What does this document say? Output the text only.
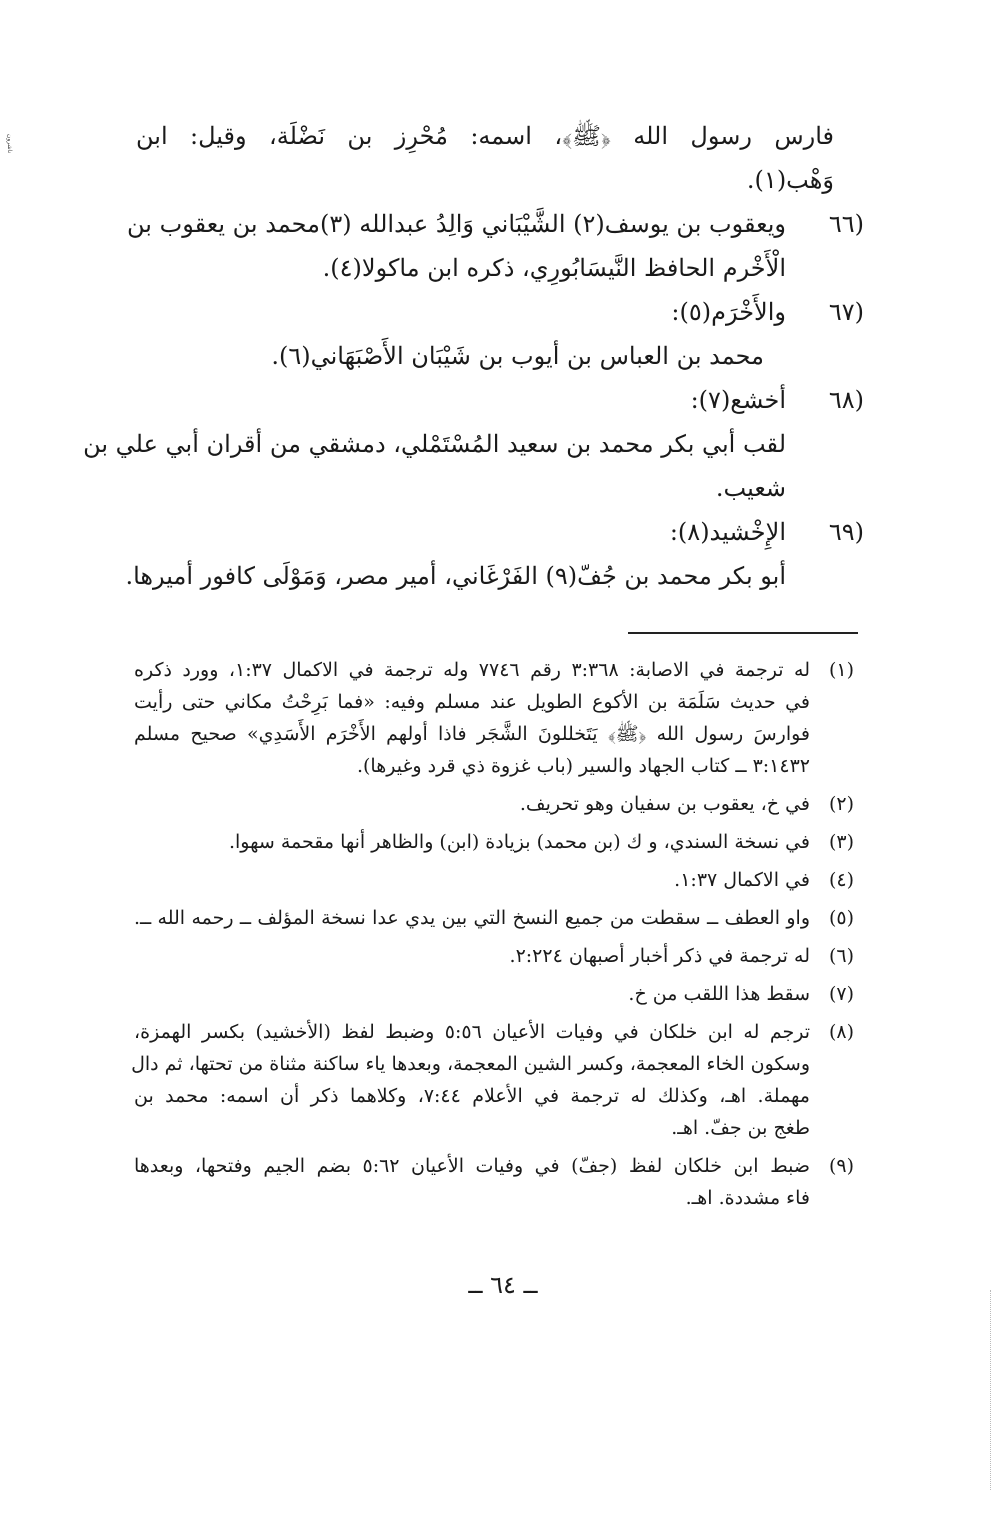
ناشرون	فارس رسول الله ﴿ﷺ﴾، اسمه: مُحْرِز بن نَضْلَة، وقيل: ابن
وَهْب(١).
(٦٦
ويعقوب بن يوسف(٢) الشَّيْبَاني وَالِدُ عبدالله (٣)محمد بن يعقوب بن
الْأَخْرم الحافظ النَّيسَابُورِي، ذكره ابن ماكولا(٤).
(٦٧
والأَخْرَم(٥):
محمد بن العباس بن أيوب بن شَيْبَان الأَصْبَهَاني(٦).
(٦٨
أخشع(٧):
لقب أبي بكر محمد بن سعيد المُسْتَمْلي، دمشقي من أقران أبي علي بن
شعيب.
(٦٩
الإِخْشيد(٨):
أبو بكر محمد بن جُفّ(٩) الفَرْغَاني، أمير مصر، وَمَوْلَى كافور أميرها.
(١)
له ترجمة في الاصابة: ٣:٣٦٨ رقم ٧٧٤٦ وله ترجمة في الاكمال ١:٣٧، وورد ذكره
في حديث سَلَمَة بن الأكوع الطويل عند مسلم وفيه: «فما بَرِحْتُ مكاني حتى رأيت
فوارسَ رسول الله ﴿ﷺ﴾ يَتَخللونَ الشَّجَر فاذا أولهم الأَخْرَم الأَسَدِي» صحيح مسلم
٣:١٤٣٢ ــ كتاب الجهاد والسير (باب غزوة ذي قرد وغيرها).
(٢)
في خ، يعقوب بن سفيان وهو تحريف.
(٣)
في نسخة السندي، و ك (بن محمد) بزيادة (ابن) والظاهر أنها مقحمة سهوا.
(٤)
في الاكمال ١:٣٧.
(٥)
واو العطف ــ سقطت من جميع النسخ التي بين يدي عدا نسخة المؤلف ــ رحمه الله ــ.
(٦)
له ترجمة في ذكر أخبار أصبهان ٢:٢٢٤.
(٧)
سقط هذا اللقب من خ.
(٨)
ترجم له ابن خلكان في وفيات الأعيان ٥:٥٦ وضبط لفظ (الأخشيد) بكسر الهمزة،
وسكون الخاء المعجمة، وكسر الشين المعجمة، وبعدها ياء ساكنة مثناة من تحتها، ثم دال
مهملة. اهـ، وكذلك له ترجمة في الأعلام ٧:٤٤، وكلاهما ذكر أن اسمه: محمد بن
طغج بن جفّ. اهـ.
(٩)
ضبط ابن خلكان لفظ (جفّ) في وفيات الأعيان ٥:٦٢ بضم الجيم وفتحها، وبعدها
فاء مشددة. اهـ.
ــ ٦٤ ــ
